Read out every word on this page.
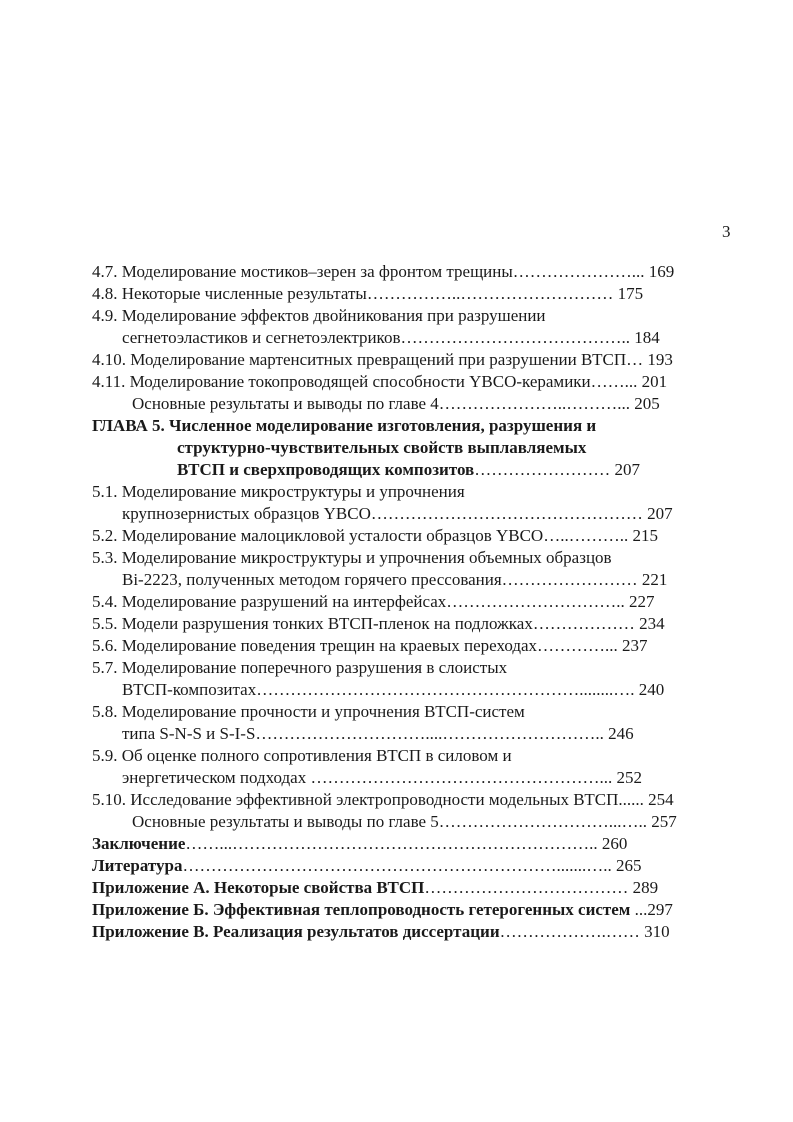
3
4.7. Моделирование мостиков–зерен за фронтом трещины…………………... 169
4.8. Некоторые численные результаты……………..……………………… 175
4.9. Моделирование эффектов двойникования при разрушении
сегнетоэластиков и сегнетоэлектриков………………………………….. 184
4.10. Моделирование мартенситных превращений при разрушении ВТСП… 193
4.11. Моделирование токопроводящей способности YBCO-керамики……... 201
Основные результаты и выводы по главе 4…………………..………... 205
ГЛАВА 5. Численное моделирование изготовления, разрушения и
структурно-чувствительных свойств выплавляемых
ВТСП и сверхпроводящих композитов…………………… 207
5.1. Моделирование микроструктуры и упрочнения
крупнозернистых образцов YBCO………………………………………… 207
5.2. Моделирование малоцикловой усталости образцов YBCO…..……….. 215
5.3. Моделирование микроструктуры и упрочнения объемных образцов
Bi-2223, полученных методом горячего прессования…………………… 221
5.4. Моделирование разрушений на интерфейсах………………………….. 227
5.5. Модели разрушения тонких ВТСП-пленок на подложках……………… 234
5.6. Моделирование поведения трещин на краевых переходах…………... 237
5.7. Моделирование поперечного разрушения в слоистых
ВТСП-композитах…………………………………………………........…. 240
5.8. Моделирование прочности и упрочнения ВТСП-систем
типа S-N-S и S-I-S…………………………....……………………….. 246
5.9. Об оценке полного сопротивления ВТСП в силовом и
энергетическом подходах ……………………………………………... 252
5.10. Исследование эффективной электропроводности модельных ВТСП...... 254
Основные результаты и выводы по главе 5…………………………...….. 257
Заключение……...……………………………………………………….. 260
Литература………………………………………………………….......….. 265
Приложение А. Некоторые свойства ВТСП……………………………… 289
Приложение Б. Эффективная теплопроводность гетерогенных систем ...297
Приложение В. Реализация результатов диссертации……………….…… 310
